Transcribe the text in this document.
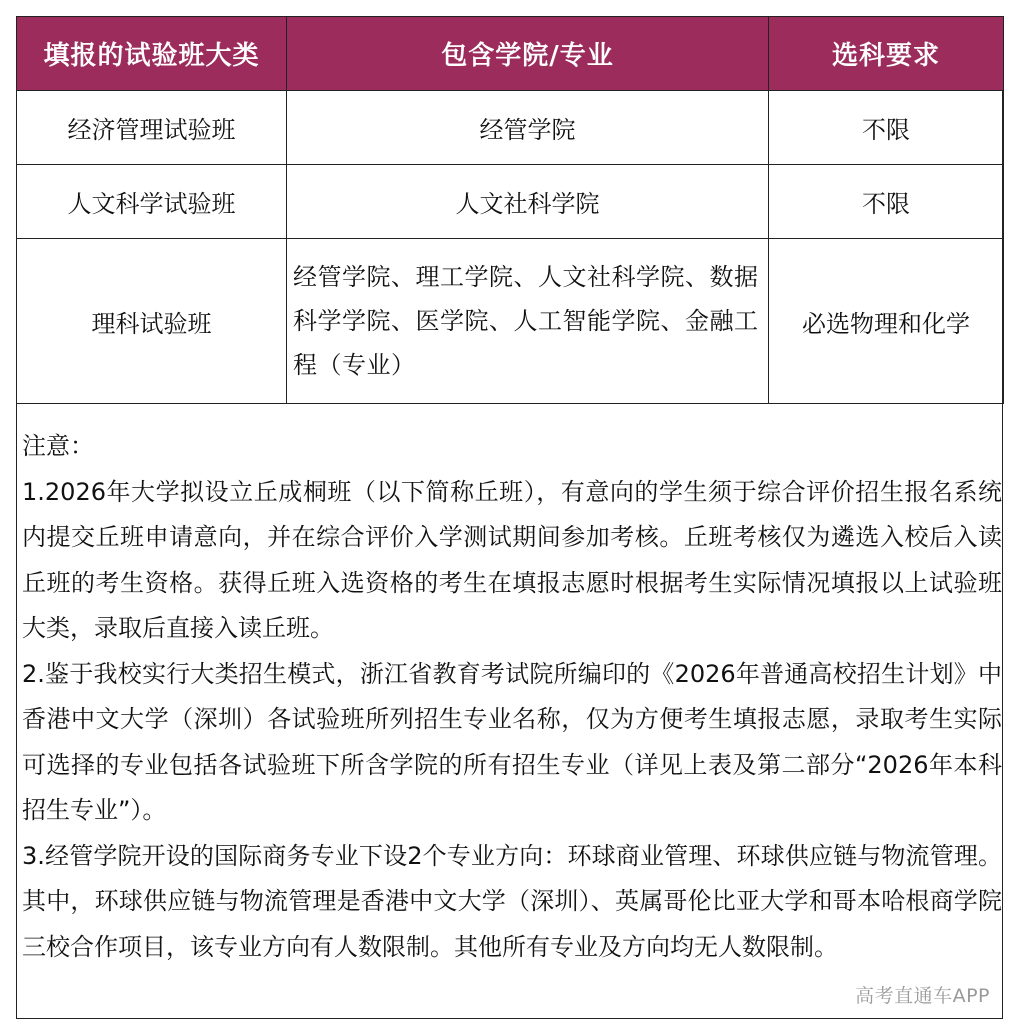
填报的试验班大类	包含学院/专业	选科要求
经济管理试验班	经管学院	不限
人文科学试验班	人文社科学院	不限
理科试验班	经管学院、理工学院、人文社科学院、数据科学学院、医学院、人工智能学院、金融工程（专业）	必选物理和化学

注意：

1.2026年大学拟设立丘成桐班（以下简称丘班），有意向的学生须于综合评价招生报名系统内提交丘班申请意向，并在综合评价入学测试期间参加考核。丘班考核仅为遴选入校后入读丘班的考生资格。获得丘班入选资格的考生在填报志愿时根据考生实际情况填报以上试验班大类，录取后直接入读丘班。

2.鉴于我校实行大类招生模式，浙江省教育考试院所编印的《2026年普通高校招生计划》中香港中文大学（深圳）各试验班所列招生专业名称，仅为方便考生填报志愿，录取考生实际可选择的专业包括各试验班下所含学院的所有招生专业（详见上表及第二部分“2026年本科招生专业”）。

3.经管学院开设的国际商务专业下设2个专业方向：环球商业管理、环球供应链与物流管理。其中，环球供应链与物流管理是香港中文大学（深圳）、英属哥伦比亚大学和哥本哈根商学院三校合作项目，该专业方向有人数限制。其他所有专业及方向均无人数限制。

高考直通车APP
